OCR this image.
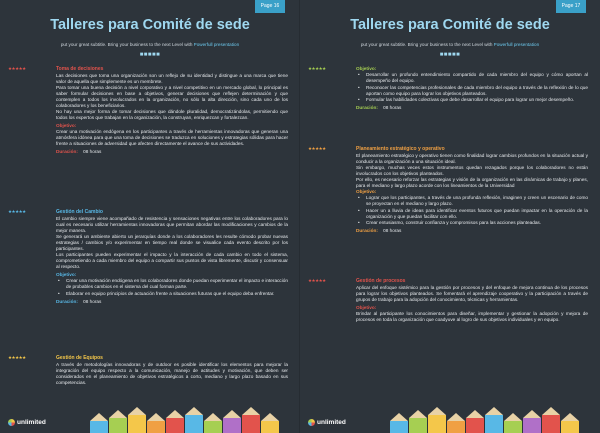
Page 16
Talleres para Comité de sede
put your great subtitle. Bring your business to the next Level with Powerfull presentation
■■■■■
★★★★★	Toma de decisiones

Las decisiones que toma una organización son un reflejo de su identidad y distingue a una marca que tiene valor de aquella que simplemente es un membrete.

Para tomar una buena decisión a nivel corporativo y a nivel competitivo en un mercado global, lo principal es saber formular decisiones en base a objetivos, generar decisiones que reflejen determinación y que contemplen a todos los involucrados en la organización, no sólo la alta dirección, sino cada uno de los colaboradores y los beneficiarios.

No hay una mejor forma de tomar decisiones que dándole pluralidad, democratizándolas, permitiendo que todos los expertos que trabajan en la organización, la construyan, enriquezcan y fortalezcan.

Objetivo:

Crear una motivación endógena en los participantes a través de herramientas innovadoras que generan una atmósfera idónea para que una toma de decisiones se traduzca en soluciones y estrategias sólidas para hacer frente a situaciones de adversidad que afecten directamente el avance de sus actividades.

Duración: 08 horas

★★★★★	Gestión del Cambio

El cambio siempre viene acompañado de resistencia y sensaciones negativas entre los colaboradores para lo cual es necesario utilizar herramientas innovadoras que permitan abordar las modificaciones y cambios de la mejor manera.

Se generará un ambiente abierto un jerarquías donde a los colaboradores les resulte cómodo probar nuevas estrategias / cambios y/o experimentar en tiempo real donde se visualice cada evento descrito por los participantes.

Los participantes pueden experimentar el impacto y la interacción de cada cambio en todo el sistema, comprometiendo a cada miembro del equipo a compartir sus puntos de vista libremente, discutir y consensuar al respecto.

Objetivo:

• Crear una motivación endógena en los colaboradores donde puedan experimentar el impacto e interacción de probables cambios en el sistema del cual forman parte.
• Elaborar en equipo principios de actuación frente a situaciones futuras que el equipo deba enfrentar.

Duración: 08 horas

★★★★★	Gestión de Equipos

A través de metodologías innovadoras y de outdoor es posible identificar los elementos para mejorar la integración del equipo respecto a la comunicación, manejo de actitudes y motivación, que deben ser considerados en el planeamiento de objetivos estratégicos a corto, mediano y largo plazo basado en sus competencias.

unlimited
Page 17
Talleres para Comité de sede
put your great subtitle. Bring your business to the next Level with Powerfull presentation
■■■■■
★★★★★	Objetivo:

• Desarrollar un profundo entendimiento compartido de cada miembro del equipo y cómo aportan al desempeño del equipo.
• Reconocer las competencias profesionales de cada miembro del equipo a través de la reflexión de lo que aportan como equipo para lograr los objetivos planteados.
• Formular las habilidades colectivas que debe desarrollar el equipo para lograr un mejor desempeño.

Duración: 08 horas

★★★★★	Planeamiento estratégico y operativo

El planeamiento estratégico y operativo tienen como finalidad lograr cambios profundos en la situación actual y conducir a la organización a una situación ideal.

Sin embargo, muchas veces estos instrumentos quedan rezagados porque los colaboradores no están involucrados con los objetivos planteados.

Por ello, es necesario reforzar las estrategias y visión de la organización en las dinámicas de trabajo y planes, para el mediano y largo plazo acorde con los lineamientos de la Universidad

Objetivo:

• Lograr que los participantes, a través de una profunda reflexión, imaginen y creen un escenario de como se proyectan en el mediano y largo plazo.
• Hacer un a lluvia de ideas para identificar eventos futuros que puedan impactar en la operación de la organización y que puedan facilitar con ello.
• Crear entusiasmo, construir confianza y compromisos para las acciones planteadas.

Duración: 08 horas

★★★★★	Gestión de procesos

Aplicar del enfoque sistémico para la gestión por procesos y del enfoque de mejora continua de los procesos para lograr los objetivos planteados. Se fomentará el aprendizaje cooperativo y la participación a través de grupos de trabajo para la adopción del conocimiento, técnicas y herramientas.

Objetivo:

Brindar al participante los conocimientos para diseñar, implementar y gestionar la adopción y mejora de procesos en toda la organización que coadyuve al logro de sus objetivos individuales y en equipo.

unlimited
